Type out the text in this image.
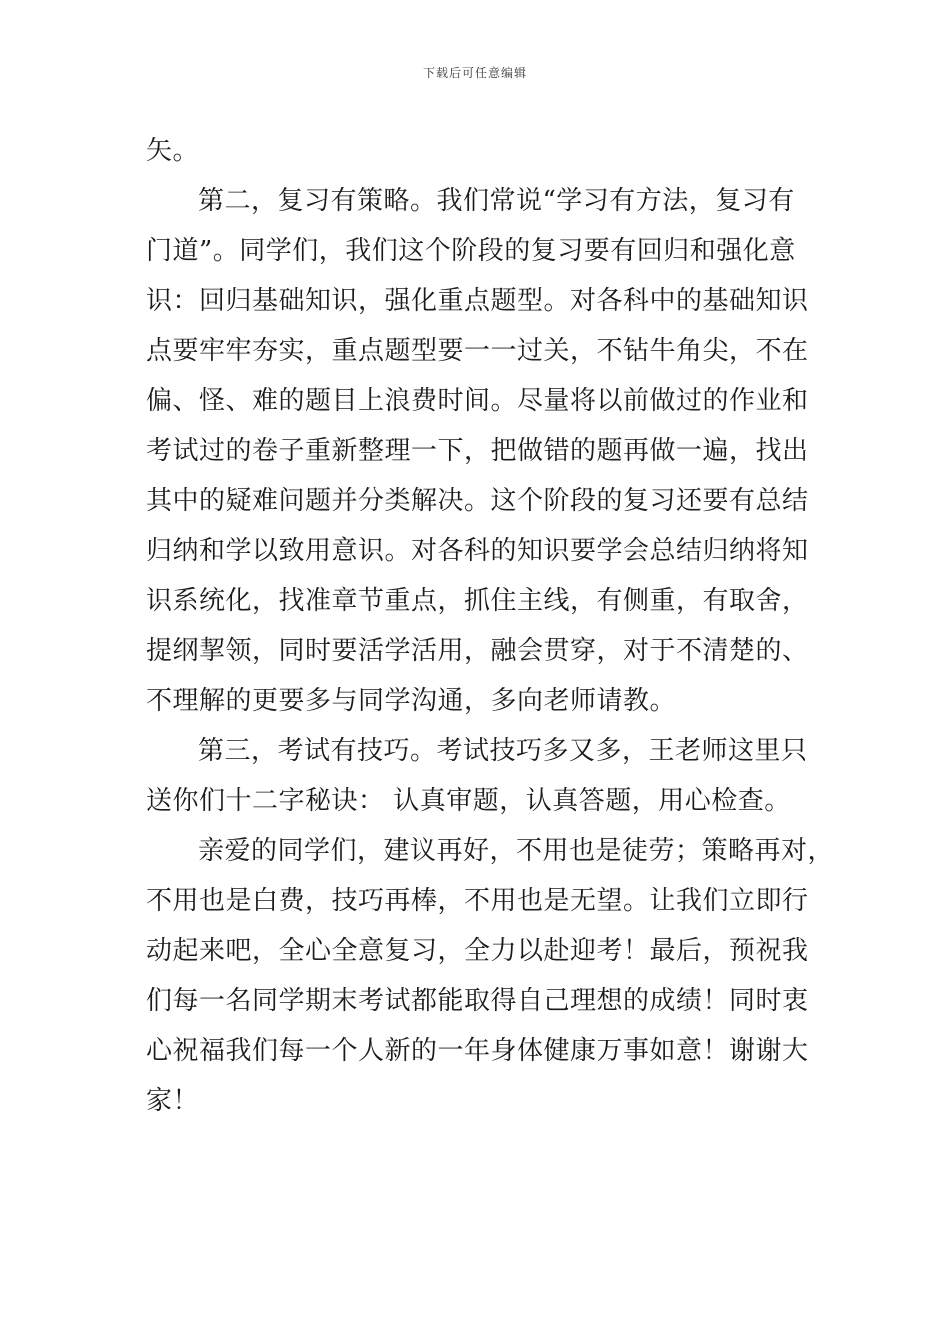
下载后可任意编辑
矢。
第二，复习有策略。我们常说“学习有方法，复习有
门道”。同学们，我们这个阶段的复习要有回归和强化意
识：回归基础知识，强化重点题型。对各科中的基础知识
点要牢牢夯实，重点题型要一一过关，不钻牛角尖，不在
偏、怪、难的题目上浪费时间。尽量将以前做过的作业和
考试过的卷子重新整理一下，把做错的题再做一遍，找出
其中的疑难问题并分类解决。这个阶段的复习还要有总结
归纳和学以致用意识。对各科的知识要学会总结归纳将知
识系统化，找准章节重点，抓住主线，有侧重，有取舍，
提纲挈领，同时要活学活用，融会贯穿，对于不清楚的、
不理解的更要多与同学沟通，多向老师请教。
第三，考试有技巧。考试技巧多又多，王老师这里只
送你们十二字秘诀： 认真审题，认真答题，用心检查。
亲爱的同学们，建议再好，不用也是徒劳；策略再对，
不用也是白费，技巧再棒，不用也是无望。让我们立即行
动起来吧，全心全意复习，全力以赴迎考！最后，预祝我
们每一名同学期末考试都能取得自己理想的成绩！同时衷
心祝福我们每一个人新的一年身体健康万事如意！谢谢大
家！
